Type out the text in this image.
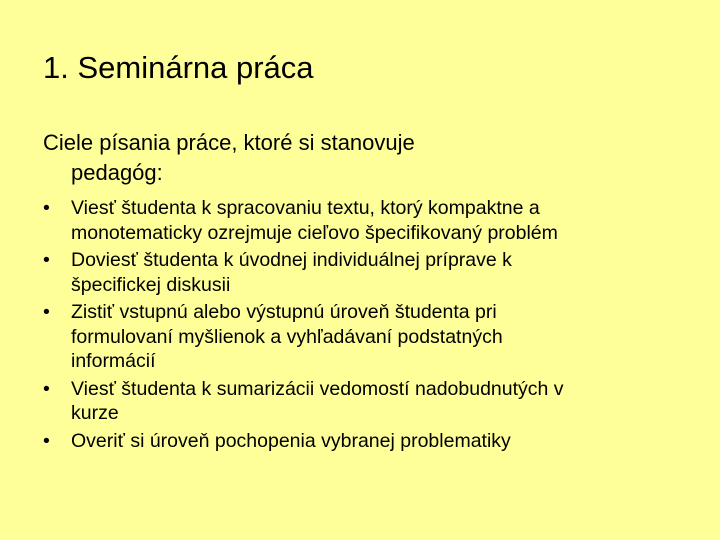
1. Seminárna práca
Ciele písania práce, ktoré si stanovuje
pedagóg:
•	Viesť študenta k spracovaniu textu, ktorý kompaktne a
monotematicky ozrejmuje cieľovo špecifikovaný problém
•	Doviesť študenta k úvodnej individuálnej príprave k
špecifickej diskusii
•	Zistiť vstupnú alebo výstupnú úroveň študenta pri
formulovaní myšlienok a vyhľadávaní podstatných
informácií
•	Viesť študenta k sumarizácii vedomostí nadobudnutých v
kurze
•	Overiť si úroveň pochopenia vybranej problematiky
